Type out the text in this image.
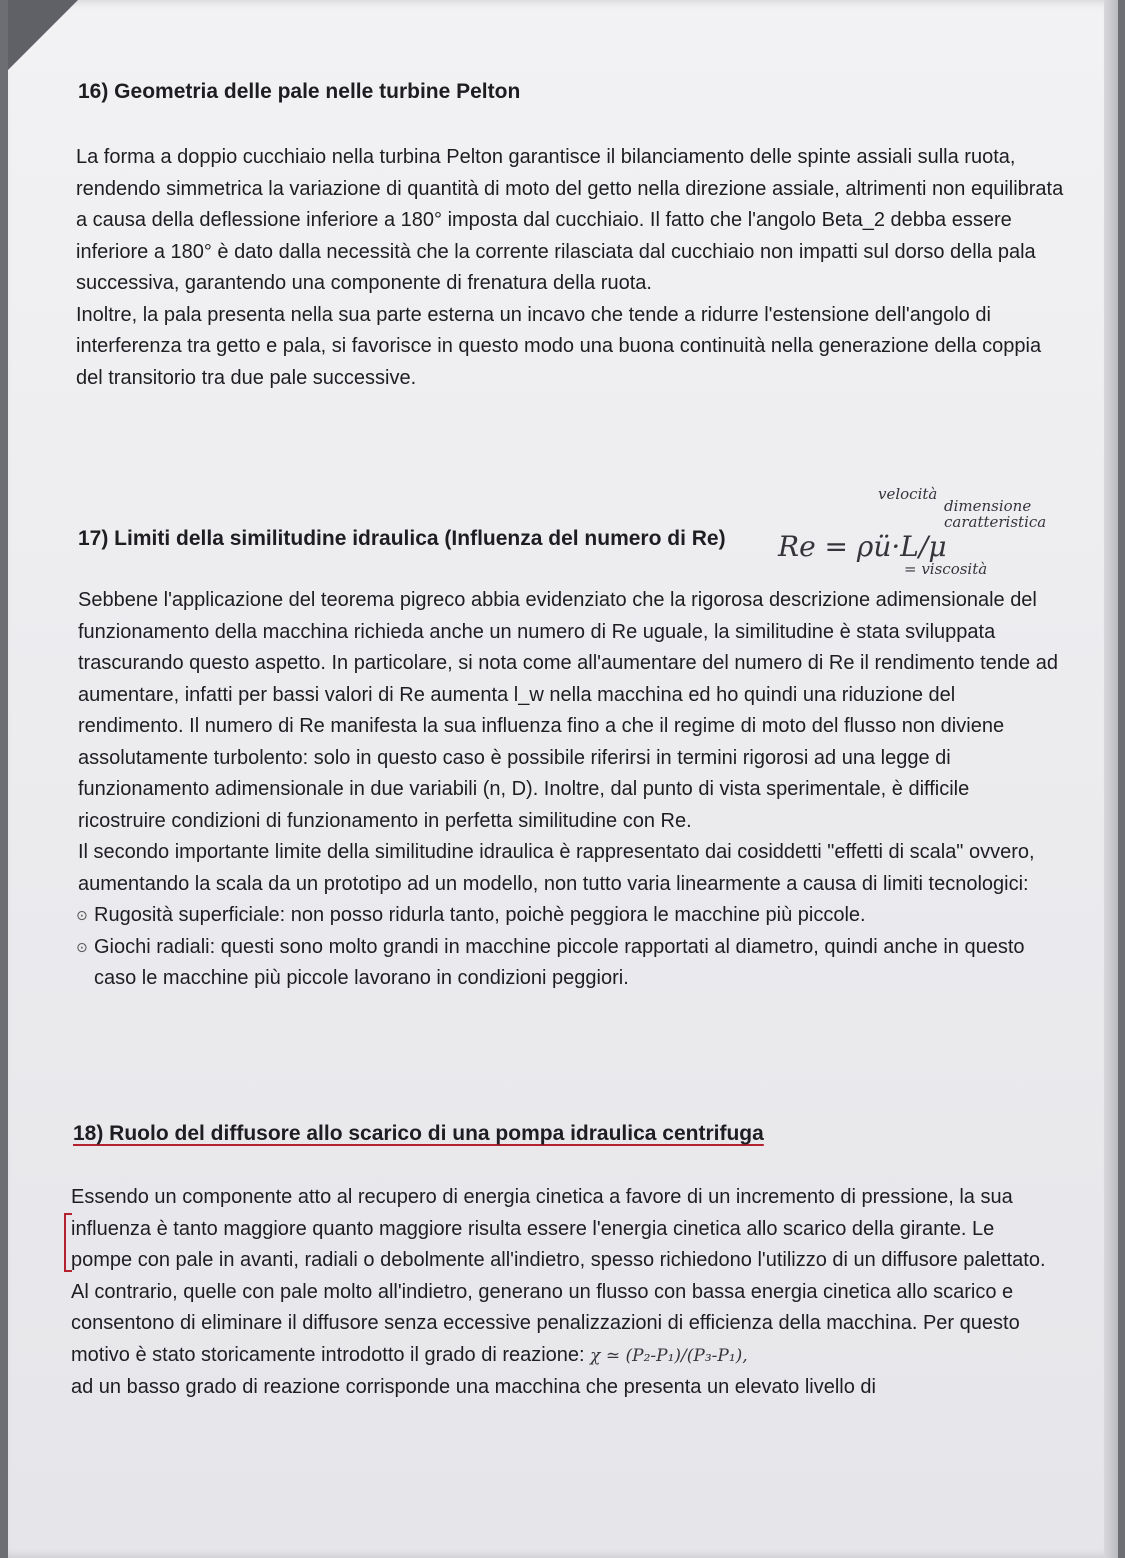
16) Geometria delle pale nelle turbine Pelton

La forma a doppio cucchiaio nella turbina Pelton garantisce il bilanciamento delle spinte assiali sulla ruota, rendendo simmetrica la variazione di quantità di moto del getto nella direzione assiale, altrimenti non equilibrata a causa della deflessione inferiore a 180° imposta dal cucchiaio. Il fatto che l'angolo Beta_2 debba essere inferiore a 180° è dato dalla necessità che la corrente rilasciata dal cucchiaio non impatti sul dorso della pala successiva, garantendo una componente di frenatura della ruota.

Inoltre, la pala presenta nella sua parte esterna un incavo che tende a ridurre l'estensione dell'angolo di interferenza tra getto e pala, si favorisce in questo modo una buona continuità nella generazione della coppia del transitorio tra due pale successive.

17) Limiti della similitudine idraulica (Influenza del numero di Re) Re = ρü·L/μ
velocità
dimensione caratteristica
= viscosità

Sebbene l'applicazione del teorema pigreco abbia evidenziato che la rigorosa descrizione adimensionale del funzionamento della macchina richieda anche un numero di Re uguale, la similitudine è stata sviluppata trascurando questo aspetto. In particolare, si nota come all'aumentare del numero di Re il rendimento tende ad aumentare, infatti per bassi valori di Re aumenta l_w nella macchina ed ho quindi una riduzione del rendimento. Il numero di Re manifesta la sua influenza fino a che il regime di moto del flusso non diviene assolutamente turbolento: solo in questo caso è possibile riferirsi in termini rigorosi ad una legge di funzionamento adimensionale in due variabili (n, D). Inoltre, dal punto di vista sperimentale, è difficile ricostruire condizioni di funzionamento in perfetta similitudine con Re.

Il secondo importante limite della similitudine idraulica è rappresentato dai cosiddetti "effetti di scala" ovvero, aumentando la scala da un prototipo ad un modello, non tutto varia linearmente a causa di limiti tecnologici:

⊙ Rugosità superficiale: non posso ridurla tanto, poichè peggiora le macchine più piccole.
⊙ Giochi radiali: questi sono molto grandi in macchine piccole rapportati al diametro, quindi anche in questo caso le macchine più piccole lavorano in condizioni peggiori.
18) Ruolo del diffusore allo scarico di una pompa idraulica centrifuga

Essendo un componente atto al recupero di energia cinetica a favore di un incremento di pressione, la sua influenza è tanto maggiore quanto maggiore risulta essere l'energia cinetica allo scarico della girante. Le pompe con pale in avanti, radiali o debolmente all'indietro, spesso richiedono l'utilizzo di un diffusore palettato. Al contrario, quelle con pale molto all'indietro, generano un flusso con bassa energia cinetica allo scarico e consentono di eliminare il diffusore senza eccessive penalizzazioni di efficienza della macchina. Per questo motivo è stato storicamente introdotto il grado di reazione: χ ≃ (P₂-P₁)/(P₃-P₁),

ad un basso grado di reazione corrisponde una macchina che presenta un elevato livello di
